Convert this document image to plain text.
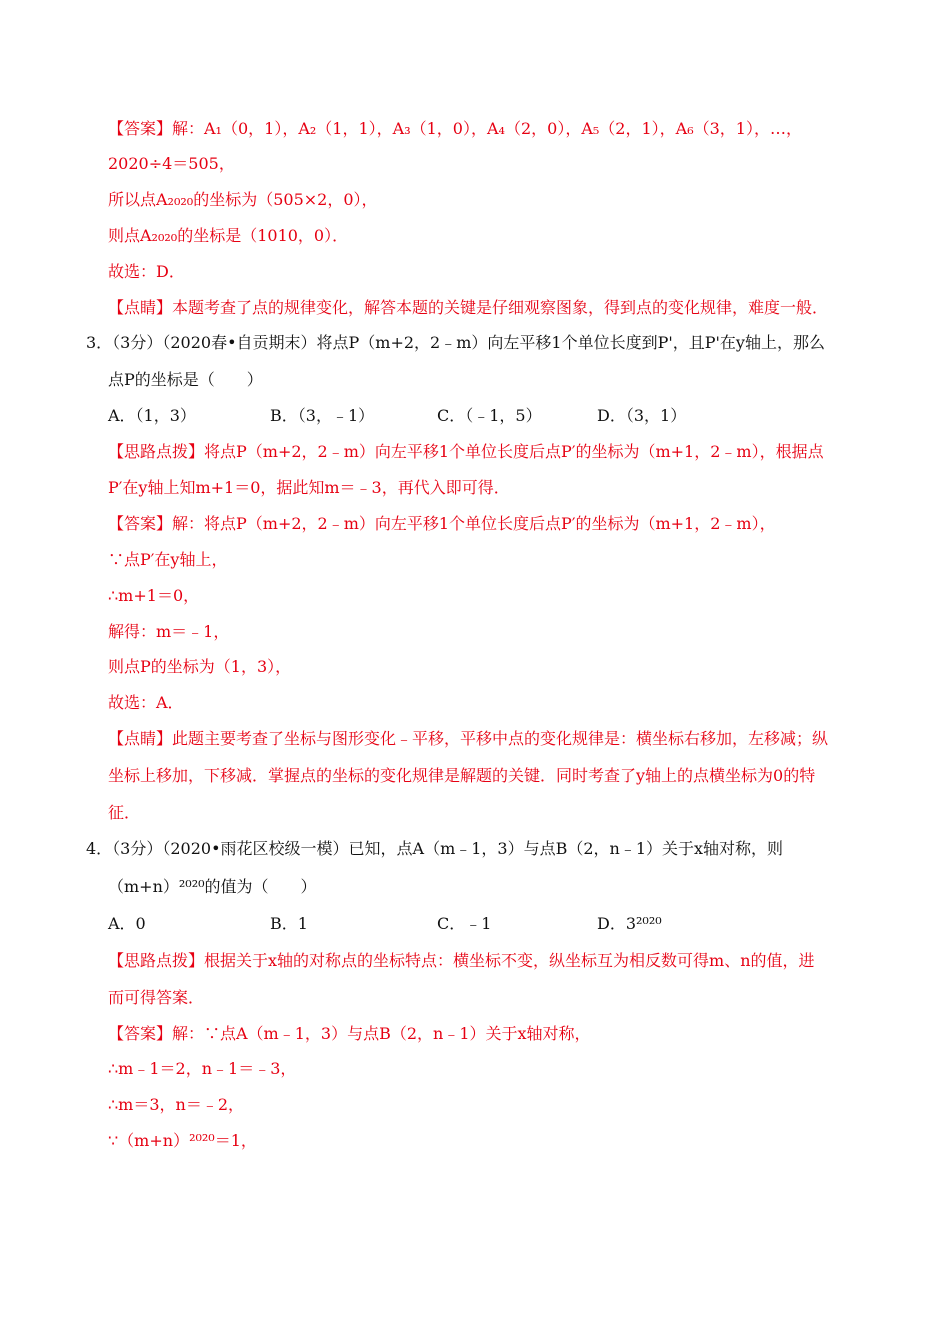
【答案】解：A₁（0，1），A₂（1，1），A₃（1，0），A₄（2，0），A₅（2，1），A₆（3，1），…，
2020÷4＝505，
所以点A₂₀₂₀的坐标为（505×2，0），
则点A₂₀₂₀的坐标是（1010，0）．
故选：D．
【点睛】本题考查了点的规律变化，解答本题的关键是仔细观察图象，得到点的变化规律，难度一般．
3．（3分）（2020春•自贡期末）将点P（m+2，2﹣m）向左平移1个单位长度到P'，且P'在y轴上，那么
点P的坐标是（　　）
A．（1，3）	B．（3，﹣1）	C．（﹣1，5）	D．（3，1）
【思路点拨】将点P（m+2，2﹣m）向左平移1个单位长度后点P′的坐标为（m+1，2﹣m），根据点
P′在y轴上知m+1＝0，据此知m＝﹣3，再代入即可得．
【答案】解：将点P（m+2，2﹣m）向左平移1个单位长度后点P′的坐标为（m+1，2﹣m），
∵点P′在y轴上，
∴m+1＝0，
解得：m＝﹣1，
则点P的坐标为（1，3），
故选：A．
【点睛】此题主要考查了坐标与图形变化﹣平移，平移中点的变化规律是：横坐标右移加，左移减；纵
坐标上移加，下移减．掌握点的坐标的变化规律是解题的关键．同时考查了y轴上的点横坐标为0的特
征．
4．（3分）（2020•雨花区校级一模）已知，点A（m﹣1，3）与点B（2，n﹣1）关于x轴对称，则
（m+n）²⁰²⁰的值为（　　）
A．0	B．1	C．﹣1	D．3²⁰²⁰
【思路点拨】根据关于x轴的对称点的坐标特点：横坐标不变，纵坐标互为相反数可得m、n的值，进
而可得答案．
【答案】解：∵点A（m﹣1，3）与点B（2，n﹣1）关于x轴对称，
∴m﹣1＝2，n﹣1＝﹣3，
∴m＝3，n＝﹣2，
∵（m+n）²⁰²⁰＝1，
